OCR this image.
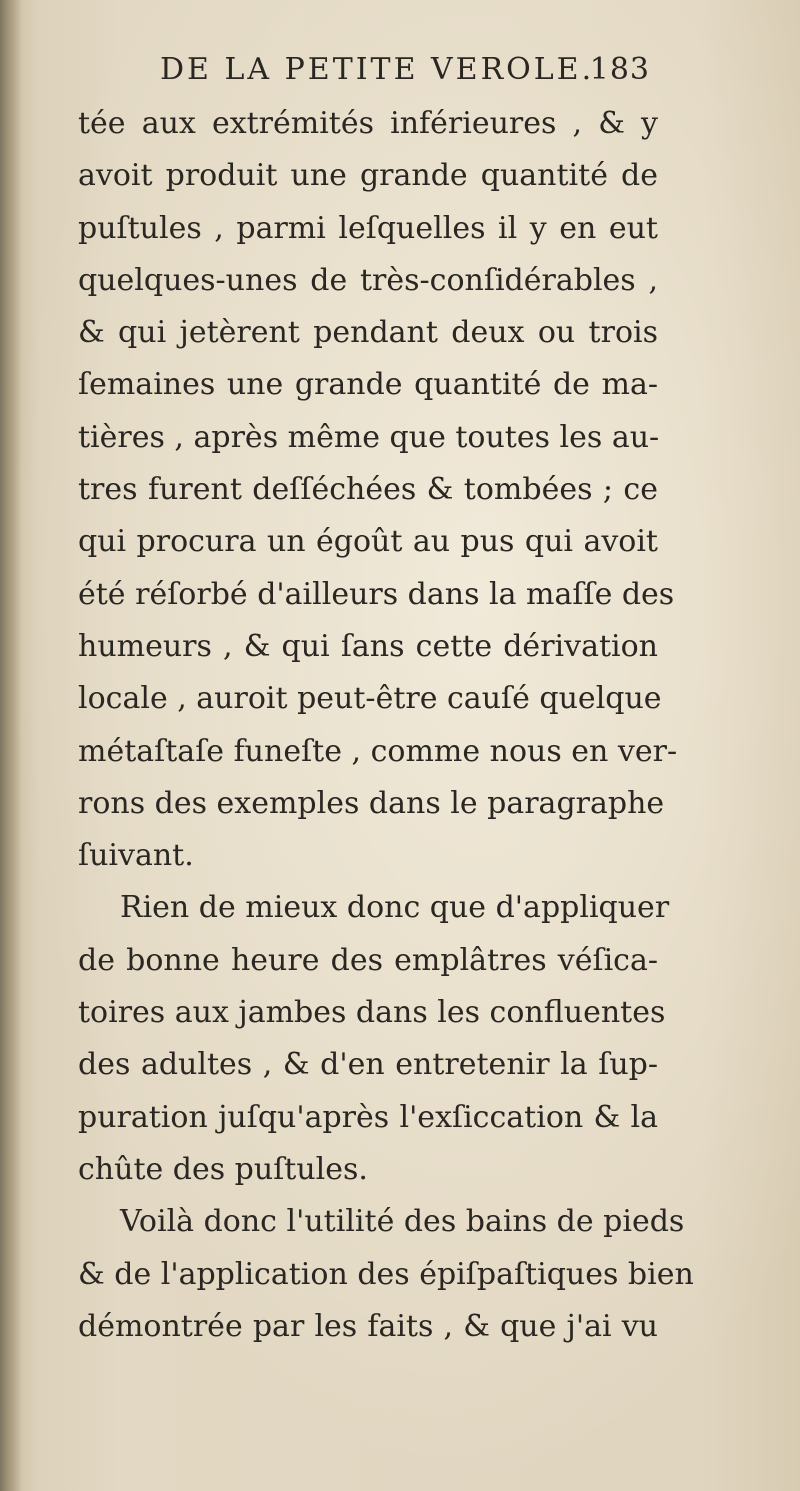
DE LA PETITE VEROLE.
183
tée aux extrémités inférieures , & y
avoit produit une grande quantité de
puſtules , parmi leſquelles il y en eut
quelques-unes de très-conſidérables ,
& qui jetèrent pendant deux ou trois
ſemaines une grande quantité de ma-
tières , après même que toutes les au-
tres furent deſſéchées & tombées ; ce
qui procura un égoût au pus qui avoit
été réſorbé d'ailleurs dans la maſſe des
humeurs , & qui ſans cette dérivation
locale , auroit peut-être cauſé quelque
métaſtaſe funeſte , comme nous en ver-
rons des exemples dans le paragraphe
ſuivant.
Rien de mieux donc que d'appliquer
de bonne heure des emplâtres véſica-
toires aux jambes dans les confluentes
des adultes , & d'en entretenir la ſup-
puration juſqu'après l'exſiccation & la
chûte des puſtules.
Voilà donc l'utilité des bains de pieds
& de l'application des épiſpaſtiques bien
démontrée par les faits , & que j'ai vu
